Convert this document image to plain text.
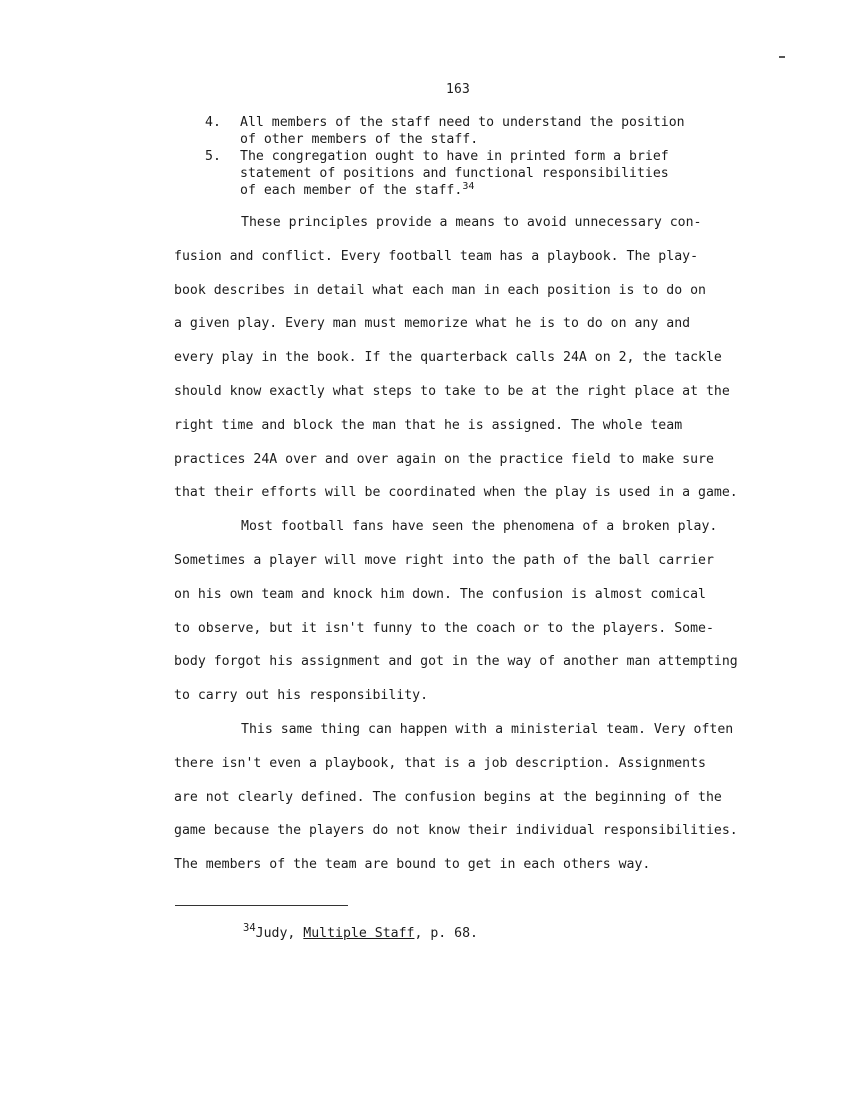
163
4. All members of the staff need to understand the position
of other members of the staff.
5. The congregation ought to have in printed form a brief
statement of positions and functional responsibilities
of each member of the staff.$^{34}$
These principles provide a means to avoid unnecessary con-
fusion and conflict. Every football team has a playbook. The play-
book describes in detail what each man in each position is to do on
a given play. Every man must memorize what he is to do on any and
every play in the book. If the quarterback calls 24A on 2, the tackle
should know exactly what steps to take to be at the right place at the
right time and block the man that he is assigned. The whole team
practices 24A over and over again on the practice field to make sure
that their efforts will be coordinated when the play is used in a game.
Most football fans have seen the phenomena of a broken play.
Sometimes a player will move right into the path of the ball carrier
on his own team and knock him down. The confusion is almost comical
to observe, but it isn't funny to the coach or to the players. Some-
body forgot his assignment and got in the way of another man attempting
to carry out his responsibility.
This same thing can happen with a ministerial team. Very often
there isn't even a playbook, that is a job description. Assignments
are not clearly defined. The confusion begins at the beginning of the
game because the players do not know their individual responsibilities.
The members of the team are bound to get in each others way.
$^{34}$Judy, Multiple Staff, p. 68.
